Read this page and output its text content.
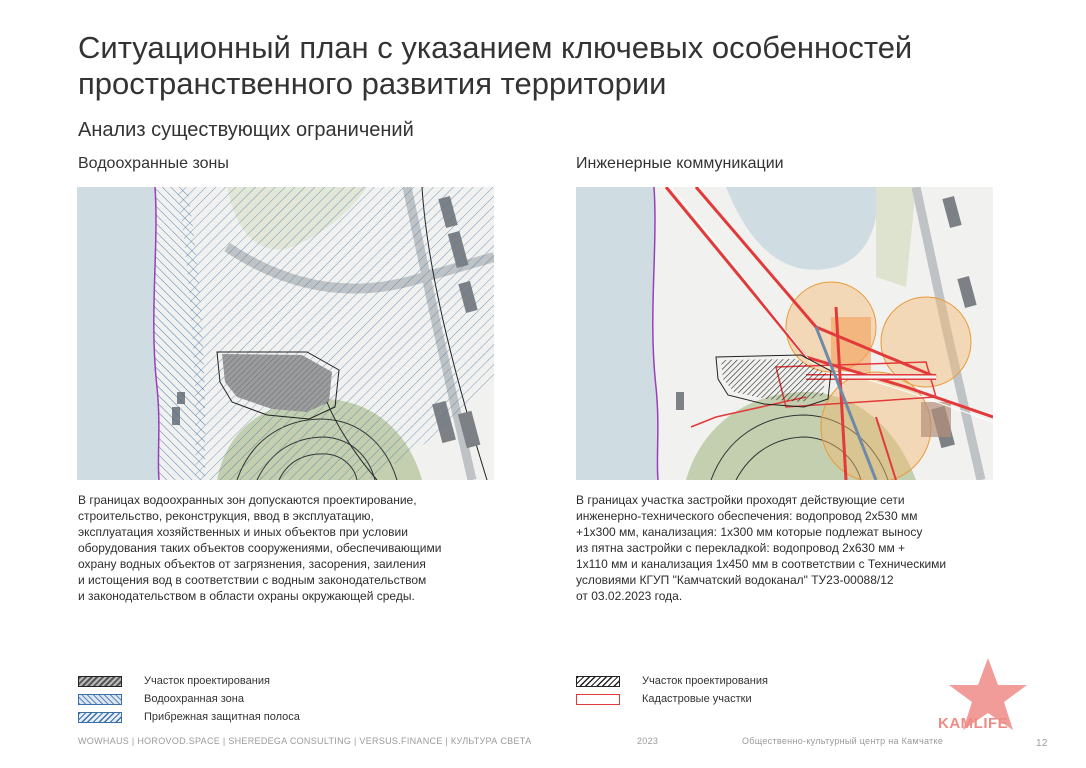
Ситуационный план с указанием ключевых особенностей пространственного развития территории
Анализ существующих ограничений
Водоохранные зоны	Инженерные коммуникации
В границах водоохранных зон допускаются проектирование,
строительство, реконструкция, ввод в эксплуатацию,
эксплуатация хозяйственных и иных объектов при условии
оборудования таких объектов сооружениями, обеспечивающими
охрану водных объектов от загрязнения, засорения, заиления
и истощения вод в соответствии с водным законодательством
и законодательством в области охраны окружающей среды.
В границах участка застройки проходят действующие сети
инженерно-технического обеспечения: водопровод 2х530 мм
+1х300 мм, канализация: 1х300 мм которые подлежат выносу
из пятна застройки с перекладкой: водопровод 2х630 мм +
1х110 мм и канализация 1х450 мм в соответствии с Техническими
условиями КГУП "Камчатский водоканал" ТУ23-00088/12
от 03.02.2023 года.
Участок проектирования
Водоохранная зона
Прибрежная защитная полоса
Участок проектирования
Кадастровые участки
KAMLIFE
WOWHAUS | HOROVOD.SPACE | SHEREDEGA CONSULTING | VERSUS.FINANCE | КУЛЬТУРА СВЕТА	2023	Общественно-культурный центр на Камчатке	12
